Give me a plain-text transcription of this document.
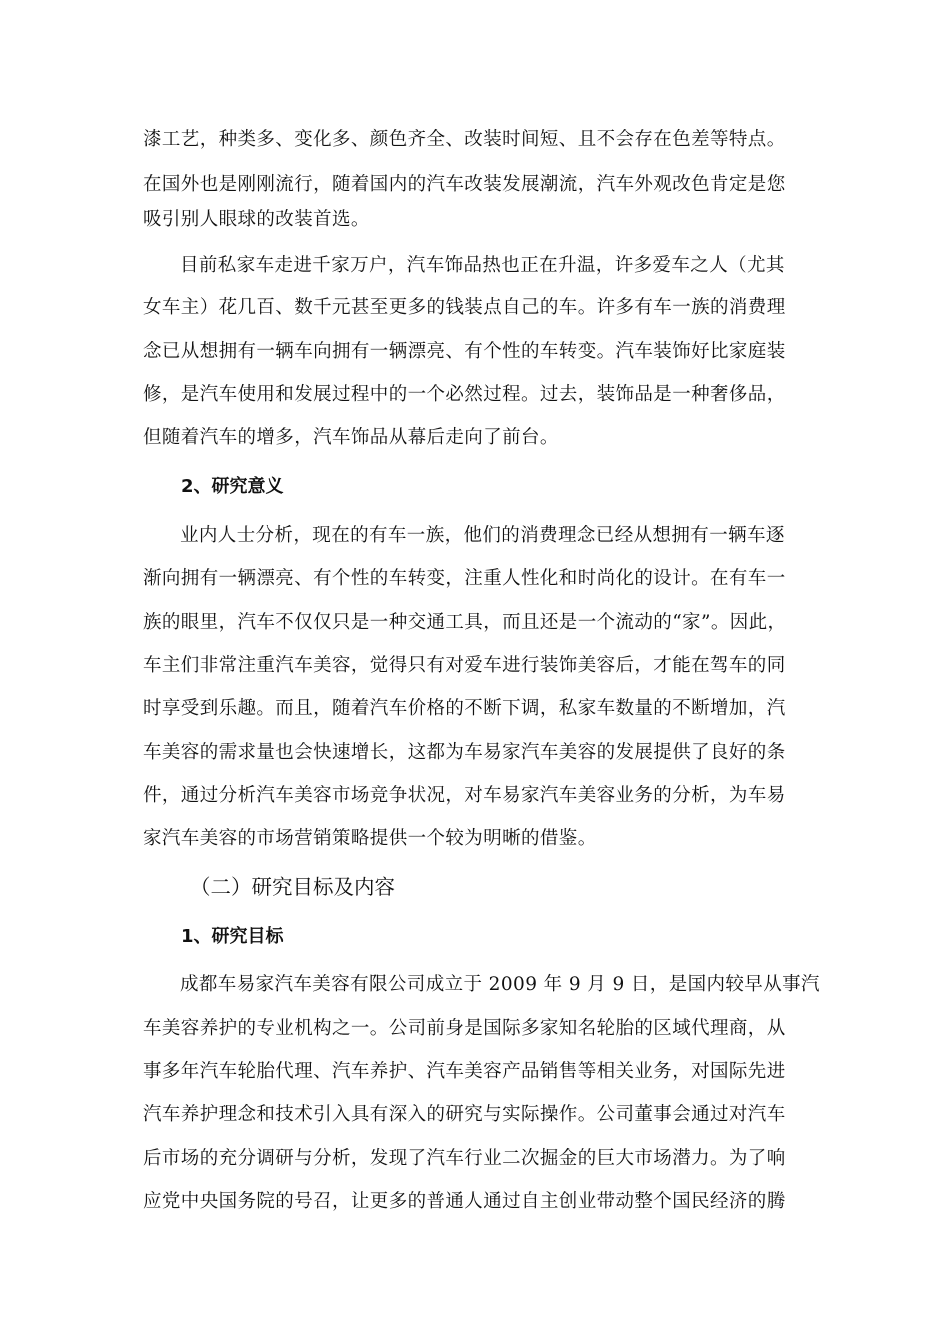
漆工艺，种类多、变化多、颜色齐全、改装时间短、且不会存在色差等特点。
在国外也是刚刚流行，随着国内的汽车改装发展潮流，汽车外观改色肯定是您
吸引别人眼球的改装首选。
目前私家车走进千家万户，汽车饰品热也正在升温，许多爱车之人（尤其
女车主）花几百、数千元甚至更多的钱装点自己的车。许多有车一族的消费理
念已从想拥有一辆车向拥有一辆漂亮、有个性的车转变。汽车装饰好比家庭装
修，是汽车使用和发展过程中的一个必然过程。过去，装饰品是一种奢侈品，
但随着汽车的增多，汽车饰品从幕后走向了前台。
2、研究意义
业内人士分析，现在的有车一族，他们的消费理念已经从想拥有一辆车逐
渐向拥有一辆漂亮、有个性的车转变，注重人性化和时尚化的设计。在有车一
族的眼里，汽车不仅仅只是一种交通工具，而且还是一个流动的“家”。因此，
车主们非常注重汽车美容，觉得只有对爱车进行装饰美容后，才能在驾车的同
时享受到乐趣。而且，随着汽车价格的不断下调，私家车数量的不断增加，汽
车美容的需求量也会快速增长，这都为车易家汽车美容的发展提供了良好的条
件，通过分析汽车美容市场竞争状况，对车易家汽车美容业务的分析，为车易
家汽车美容的市场营销策略提供一个较为明晰的借鉴。
（二）研究目标及内容
1、研究目标
成都车易家汽车美容有限公司成立于 2009 年 9 月 9 日，是国内较早从事汽
车美容养护的专业机构之一。公司前身是国际多家知名轮胎的区域代理商，从
事多年汽车轮胎代理、汽车养护、汽车美容产品销售等相关业务，对国际先进
汽车养护理念和技术引入具有深入的研究与实际操作。公司董事会通过对汽车
后市场的充分调研与分析，发现了汽车行业二次掘金的巨大市场潜力。为了响
应党中央国务院的号召，让更多的普通人通过自主创业带动整个国民经济的腾
